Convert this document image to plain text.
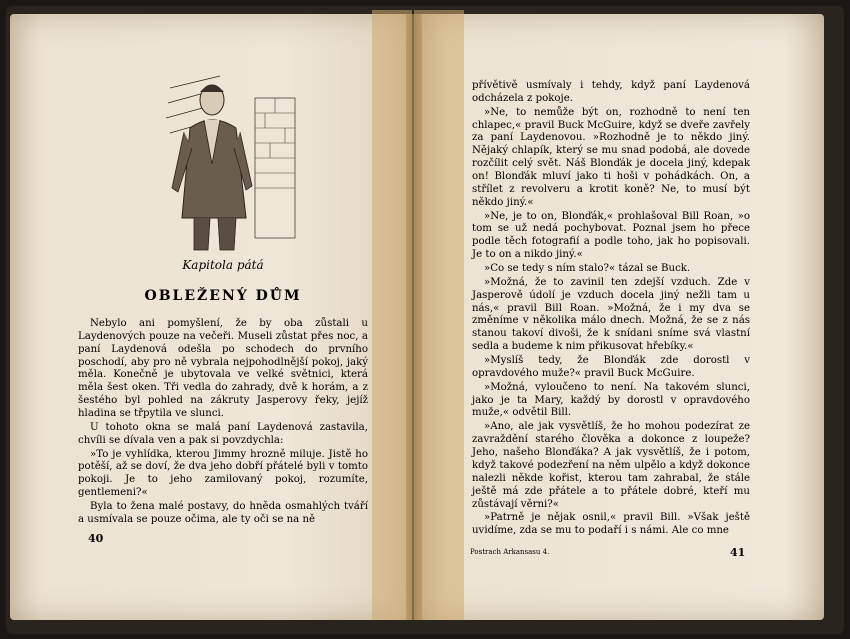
Kapitola pátá
OBLEŽENÝ DŮM

Nebylo ani pomyšlení, že by oba zůstali u Laydenových pouze na večeři. Museli zůstat přes noc, a paní Laydenová odešla po schodech do prvního poschodí, aby pro ně vybrala nejpohodlnější pokoj, jaký měla. Konečně je ubytovala ve velké světnici, která měla šest oken. Tři vedla do zahrady, dvě k horám, a z šestého byl pohled na zákruty Jasperovy řeky, jejíž hladina se třpytila ve slunci.

U tohoto okna se malá paní Laydenová zastavila, chvíli se dívala ven a pak si povzdychla:

»To je vyhlídka, kterou Jimmy hrozně miluje. Jistě ho potěší, až se doví, že dva jeho dobří přátelé byli v tomto pokoji. Je to jeho zamilovaný pokoj, rozumíte, gentlemeni?«

Byla to žena malé postavy, do hněda osmahlých tváří a usmívala se pouze očima, ale ty oči se na ně

40

přívětivě usmívaly i tehdy, když paní Laydenová odcházela z pokoje.

»Ne, to nemůže být on, rozhodně to není ten chlapec,« pravil Buck McGuire, když se dveře zavřely za paní Laydenovou. »Rozhodně je to někdo jiný. Nějaký chlapík, který se mu snad podobá, ale dovede rozčílit celý svět. Náš Blonďák je docela jiný, kdepak on! Blonďák mluví jako ti hoši v pohádkách. On, a střílet z revolveru a krotit koně? Ne, to musí být někdo jiný.«

»Ne, je to on, Blonďák,« prohlašoval Bill Roan, »o tom se už nedá pochybovat. Poznal jsem ho přece podle těch fotografií a podle toho, jak ho popisovali. Je to on a nikdo jiný.«

»Co se tedy s ním stalo?« tázal se Buck.

»Možná, že to zavinil ten zdejší vzduch. Zde v Jasperově údolí je vzduch docela jiný nežli tam u nás,« pravil Bill Roan. »Možná, že i my dva se změníme v několika málo dnech. Možná, že se z nás stanou takoví divoši, že k snídani sníme svá vlastní sedla a budeme k nim přikusovat hřebíky.«

»Myslíš tedy, že Blonďák zde dorostl v opravdového muže?« pravil Buck McGuire.

»Možná, vyloučeno to není. Na takovém slunci, jako je ta Mary, každý by dorostl v opravdového muže,« odvětil Bill.

»Ano, ale jak vysvětlíš, že ho mohou podezírat ze zavraždění starého člověka a dokonce z loupeže? Jeho, našeho Blonďáka? A jak vysvětlíš, že i potom, když takové podezření na něm ulpělo a když dokonce nalezli někde kořist, kterou tam zahrabal, že stále ještě má zde přátele a to přátele dobré, kteří mu zůstávají věrni?«

»Patrně je nějak osnil,« pravil Bill. »Však ještě uvidíme, zda se mu to podaří i s námi. Ale co mne

Postrach Arkansasu 4.	41
